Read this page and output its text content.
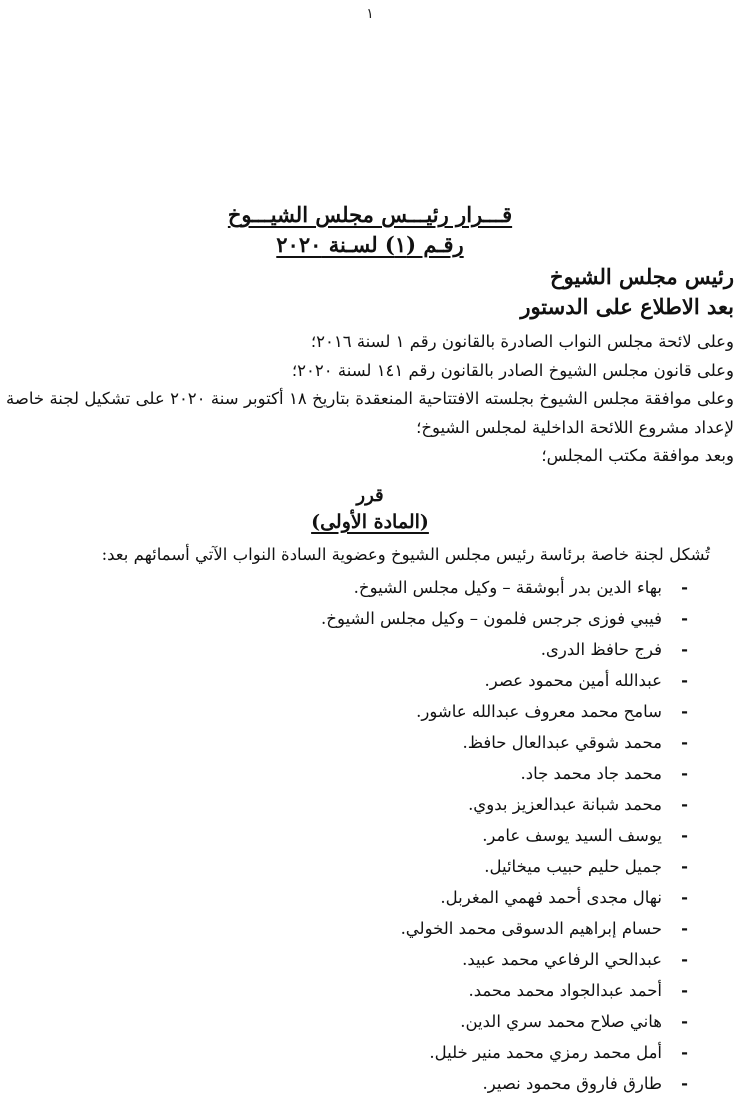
١
قـــرار رئيـــس مجلس الشيـــوخ
رقـم (١) لسـنة ٢٠٢٠
رئيس مجلس الشيوخ
بعد الاطلاع على الدستور

وعلى لائحة مجلس النواب الصادرة بالقانون رقم ١ لسنة ٢٠١٦؛

وعلى قانون مجلس الشيوخ الصادر بالقانون رقم ١٤١ لسنة ٢٠٢٠؛

وعلى موافقة مجلس الشيوخ بجلسته الافتتاحية المنعقدة بتاريخ ١٨ أكتوبر سنة ٢٠٢٠ على تشكيل لجنة خاصة لإعداد مشروع اللائحة الداخلية لمجلس الشيوخ؛

وبعد موافقة مكتب المجلس؛

قرر
(المادة الأولى)
تُشكل لجنة خاصة برئاسة رئيس مجلس الشيوخ وعضوية السادة النواب الآتي أسمائهم بعد:
-
بهاء الدين بدر أبوشقة – وكيل مجلس الشيوخ.
-
فيبي فوزى جرجس فلمون – وكيل مجلس الشيوخ.
-
فرج حافظ الدرى.
-
عبدالله أمين محمود عصر.
-
سامح محمد معروف عبدالله عاشور.
-
محمد شوقي عبدالعال حافظ.
-
محمد جاد محمد جاد.
-
محمد شبانة عبدالعزيز بدوي.
-
يوسف السيد يوسف عامر.
-
جميل حليم حبيب ميخائيل.
-
نهال مجدى أحمد فهمي المغربل.
-
حسام إبراهيم الدسوقى محمد الخولي.
-
عبدالحي الرفاعي محمد عبيد.
-
أحمد عبدالجواد محمد محمد.
-
هاني صلاح محمد سري الدين.
-
أمل محمد رمزي محمد منير خليل.
-
طارق فاروق محمود نصير.
